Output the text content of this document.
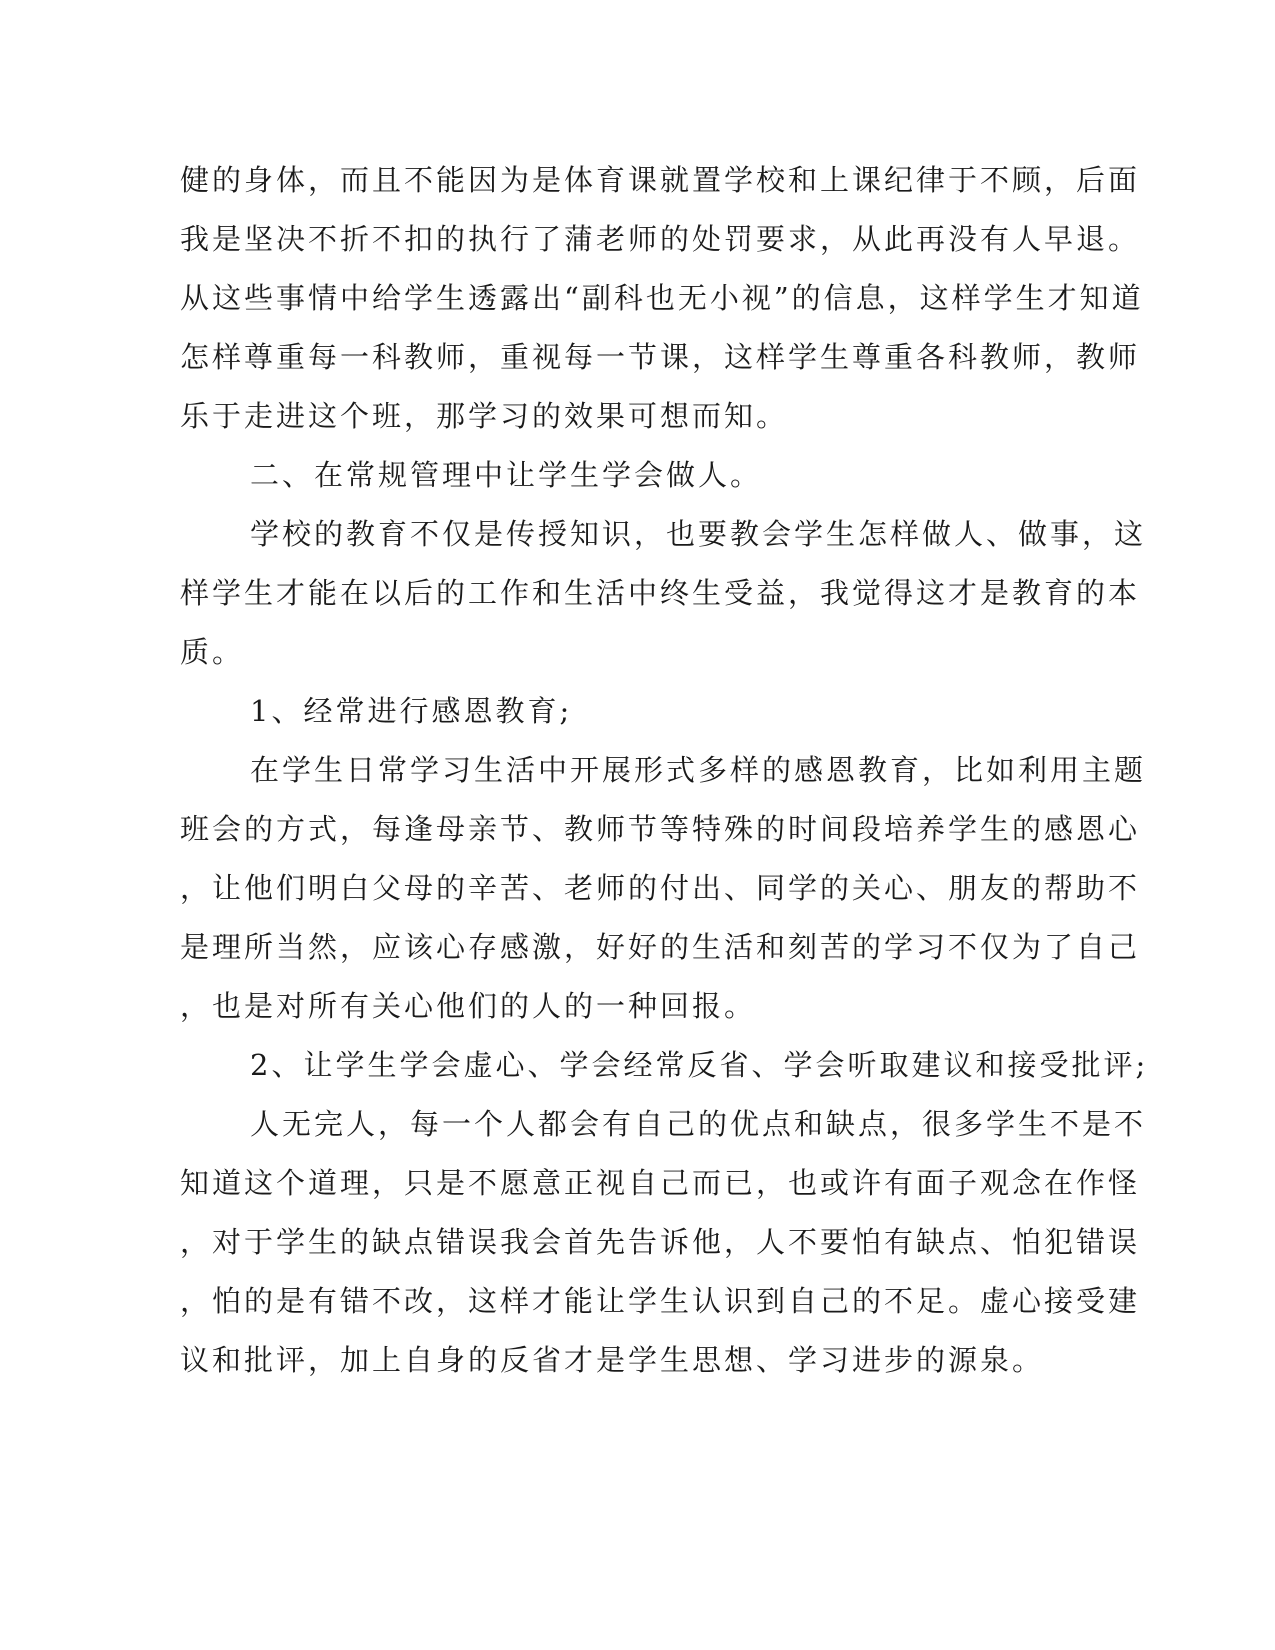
健的身体，而且不能因为是体育课就置学校和上课纪律于不顾，后面
我是坚决不折不扣的执行了蒲老师的处罚要求，从此再没有人早退。
从这些事情中给学生透露出“副科也无小视”的信息，这样学生才知道
怎样尊重每一科教师，重视每一节课，这样学生尊重各科教师，教师
乐于走进这个班，那学习的效果可想而知。
二、在常规管理中让学生学会做人。
学校的教育不仅是传授知识，也要教会学生怎样做人、做事，这
样学生才能在以后的工作和生活中终生受益，我觉得这才是教育的本
质。
1、经常进行感恩教育;
在学生日常学习生活中开展形式多样的感恩教育，比如利用主题
班会的方式，每逢母亲节、教师节等特殊的时间段培养学生的感恩心
，让他们明白父母的辛苦、老师的付出、同学的关心、朋友的帮助不
是理所当然，应该心存感激，好好的生活和刻苦的学习不仅为了自己
，也是对所有关心他们的人的一种回报。
2、让学生学会虚心、学会经常反省、学会听取建议和接受批评;
人无完人，每一个人都会有自己的优点和缺点，很多学生不是不
知道这个道理，只是不愿意正视自己而已，也或许有面子观念在作怪
，对于学生的缺点错误我会首先告诉他，人不要怕有缺点、怕犯错误
，怕的是有错不改，这样才能让学生认识到自己的不足。虚心接受建
议和批评，加上自身的反省才是学生思想、学习进步的源泉。
